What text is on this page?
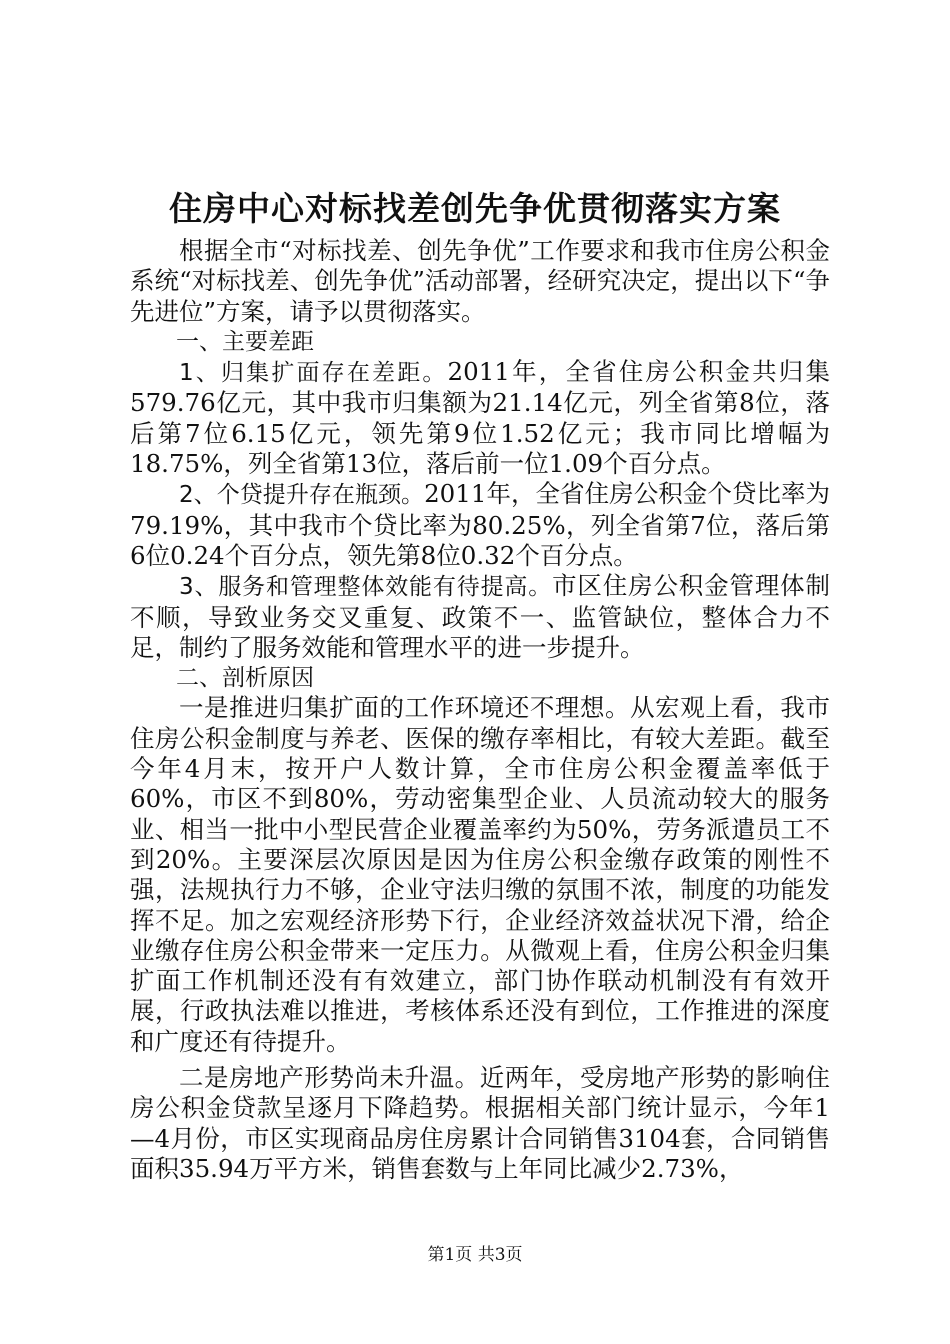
住房中心对标找差创先争优贯彻落实方案

根据全市“对标找差、创先争优”工作要求和我市住房公积金系统“对标找差、创先争优”活动部署，经研究决定，提出以下“争先进位”方案，请予以贯彻落实。

一、主要差距

1、归集扩面存在差距。2011年，全省住房公积金共归集579.76亿元，其中我市归集额为21.14亿元，列全省第8位，落后第7位6.15亿元，领先第9位1.52亿元；我市同比增幅为18.75%，列全省第13位，落后前一位1.09个百分点。

2、个贷提升存在瓶颈。2011年，全省住房公积金个贷比率为79.19%，其中我市个贷比率为80.25%，列全省第7位，落后第6位0.24个百分点，领先第8位0.32个百分点。

3、服务和管理整体效能有待提高。市区住房公积金管理体制不顺，导致业务交叉重复、政策不一、监管缺位，整体合力不足，制约了服务效能和管理水平的进一步提升。

二、剖析原因

一是推进归集扩面的工作环境还不理想。从宏观上看，我市住房公积金制度与养老、医保的缴存率相比，有较大差距。截至今年4月末，按开户人数计算，全市住房公积金覆盖率低于60%，市区不到80%，劳动密集型企业、人员流动较大的服务业、相当一批中小型民营企业覆盖率约为50%，劳务派遣员工不到20%。主要深层次原因是因为住房公积金缴存政策的刚性不强，法规执行力不够，企业守法归缴的氛围不浓，制度的功能发挥不足。加之宏观经济形势下行，企业经济效益状况下滑，给企业缴存住房公积金带来一定压力。从微观上看，住房公积金归集扩面工作机制还没有有效建立，部门协作联动机制没有有效开展，行政执法难以推进，考核体系还没有到位，工作推进的深度和广度还有待提升。

二是房地产形势尚未升温。近两年，受房地产形势的影响住房公积金贷款呈逐月下降趋势。根据相关部门统计显示，今年1—4月份，市区实现商品房住房累计合同销售3104套，合同销售面积35.94万平方米，销售套数与上年同比减少2.73%，

第1页 共3页
